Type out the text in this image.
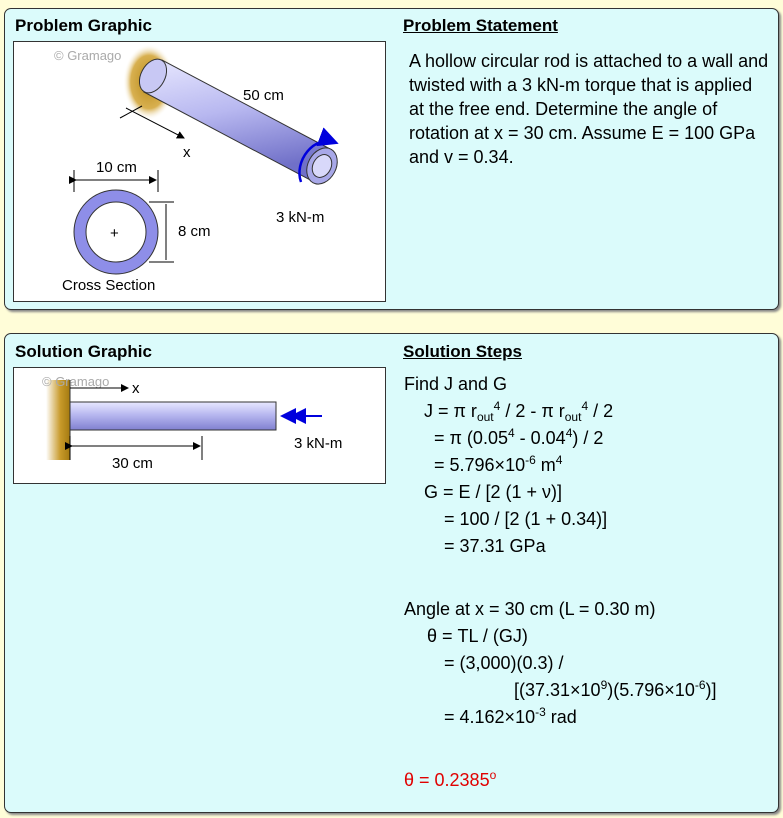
Problem Graphic	Problem Statement
© Gramago
x
50 cm
3 kN-m
+
10 cm
8 cm
Cross Section
A hollow circular rod is attached to a wall and twisted with a 3 kN-m torque that is applied at the free end. Determine the angle of rotation at x = 30 cm. Assume E = 100 GPa and v = 0.34.
Solution Graphic	Solution Steps
© Gramago x
3 kN-m
30 cm
Find J and G
J = π $r_{out}^4 / 2$ - π $r_{out}^4 / 2$
= π (0.05$^4$ - 0.04$^4$) / 2
= $5.796\times 10^{-6}$ $m^4$
G = E / [2 (1 + ν)]
= 100 / [2 (1 + 0.34)]
= 37.31 GPa
Angle at x = 30 cm (L = 0.30 m)
θ = TL / (GJ)
= (3,000)(0.3) /
$[(37.31\times 10^9)(5.796\times 10^{-6})]$
= $4.162\times 10^{-3}$ rad
$\theta = 0.2385^o$
